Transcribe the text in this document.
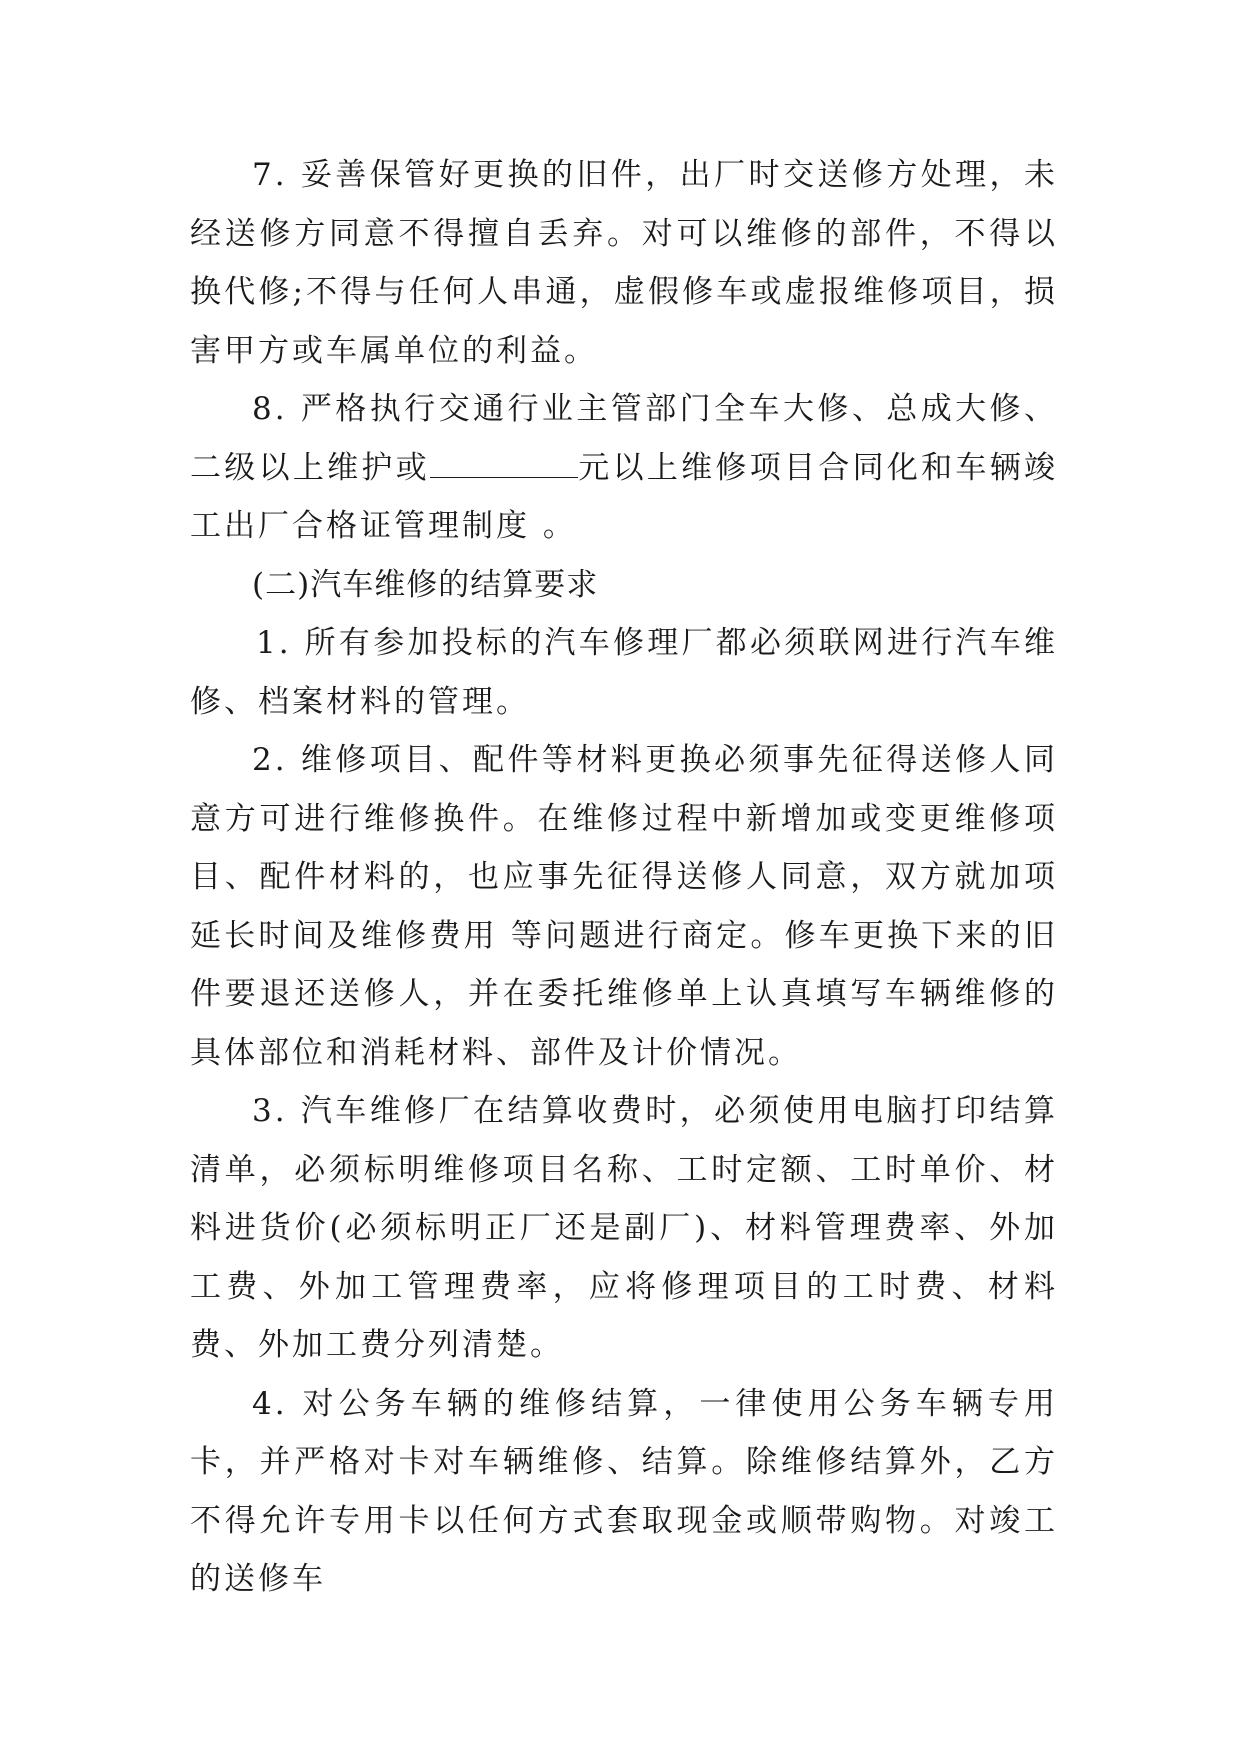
7. 妥善保管好更换的旧件，出厂时交送修方处理，未经送修方同意不得擅自丢弃。对可以维修的部件，不得以换代修;不得与任何人串通，虚假修车或虚报维修项目，损害甲方或车属单位的利益。

8. 严格执行交通行业主管部门全车大修、总成大修、二级以上维护或	元以上维修项目合同化和车辆竣工出厂合格证管理制度 。

(二)汽车维修的结算要求

1. 所有参加投标的汽车修理厂都必须联网进行汽车维修、档案材料的管理。

2. 维修项目、配件等材料更换必须事先征得送修人同意方可进行维修换件。在维修过程中新增加或变更维修项目、配件材料的，也应事先征得送修人同意，双方就加项延长时间及维修费用 等问题进行商定。修车更换下来的旧件要退还送修人，并在委托维修单上认真填写车辆维修的具体部位和消耗材料、部件及计价情况。

3. 汽车维修厂在结算收费时，必须使用电脑打印结算清单，必须标明维修项目名称、工时定额、工时单价、材料进货价(必须标明正厂还是副厂)、材料管理费率、外加工费、外加工管理费率，应将修理项目的工时费、材料费、外加工费分列清楚。

4. 对公务车辆的维修结算，一律使用公务车辆专用卡，并严格对卡对车辆维修、结算。除维修结算外，乙方不得允许专用卡以任何方式套取现金或顺带购物。对竣工的送修车
